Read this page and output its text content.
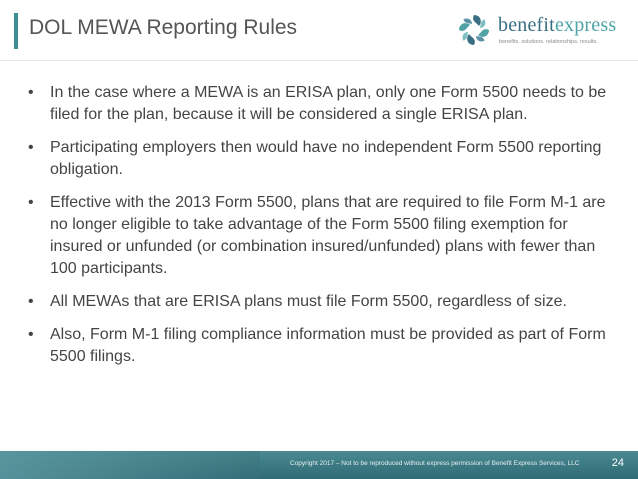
DOL MEWA Reporting Rules	benefitexpress
benefits. solutions. relationships. results.
• In the case where a MEWA is an ERISA plan, only one Form 5500 needs to be filed for the plan, because it will be considered a single ERISA plan.
• Participating employers then would have no independent Form 5500 reporting obligation.
• Effective with the 2013 Form 5500, plans that are required to file Form M-1 are no longer eligible to take advantage of the Form 5500 filing exemption for insured or unfunded (or combination insured/unfunded) plans with fewer than 100 participants.
• All MEWAs that are ERISA plans must file Form 5500, regardless of size.
• Also, Form M-1 filing compliance information must be provided as part of Form 5500 filings.
Copyright 2017 – Not to be reproduced without express permission of Benefit Express Services, LLC	24
